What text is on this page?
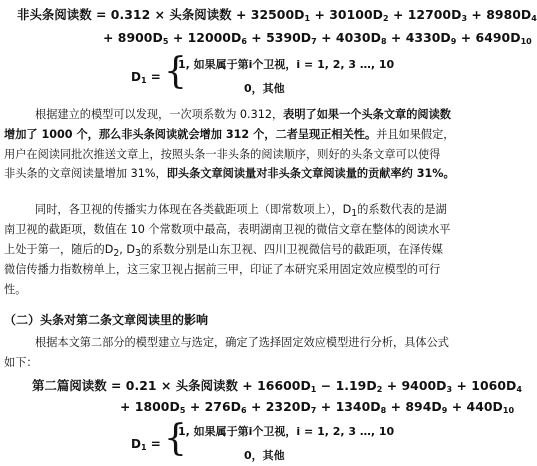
非头条阅读数 = 0.312 × 头条阅读数 + $32500D_1 + 30100D_2 + 12700D_3 + 8980D_4$
+ $8900D_5 + 12000D_6 + 5390D_7 + 4030D_8 + 4330D_9 + 6490D_{10}$
$D_1$ = {
1, 如果属于第i个卫视，i = 1, 2, 3 …, 10
0，其他
根据建立的模型可以发现，一次项系数为 0.312，表明了如果一个头条文章的阅读数
增加了 1000 个，那么非头条阅读就会增加 312 个，二者呈现正相关性。并且如果假定，
用户在阅读同批次推送文章上，按照头条一非头条的阅读顺序，则好的头条文章可以使得
非头条的文章阅读量增加 31%，即头条文章阅读量对非头条文章阅读量的贡献率约 31%。
同时，各卫视的传播实力体现在各类截距项上（即常数项上），$D_1$的系数代表的是湖
南卫视的截距项，数值在 10 个常数项中最高，表明湖南卫视的微信文章在整体的阅读水平
上处于第一，随后的$D_2$, $D_3$的系数分别是山东卫视、四川卫视微信号的截距项，在泽传媒
微信传播力指数榜单上，这三家卫视占据前三甲，印证了本研究采用固定效应模型的可行
性。
（二）头条对第二条文章阅读里的影响
根据本文第二部分的模型建立与选定，确定了选择固定效应模型进行分析，具体公式
如下：
第二篇阅读数 = 0.21 × 头条阅读数 + $16600D_1 - 1.19D_2 + 9400D_3 + 1060D_4$
+ $1800D_5 + 276D_6 + 2320D_7 + 1340D_8 + 894D_9 + 440D_{10}$
$D_1$ = {
1, 如果属于第i个卫视，i = 1, 2, 3 …, 10
0，其他
